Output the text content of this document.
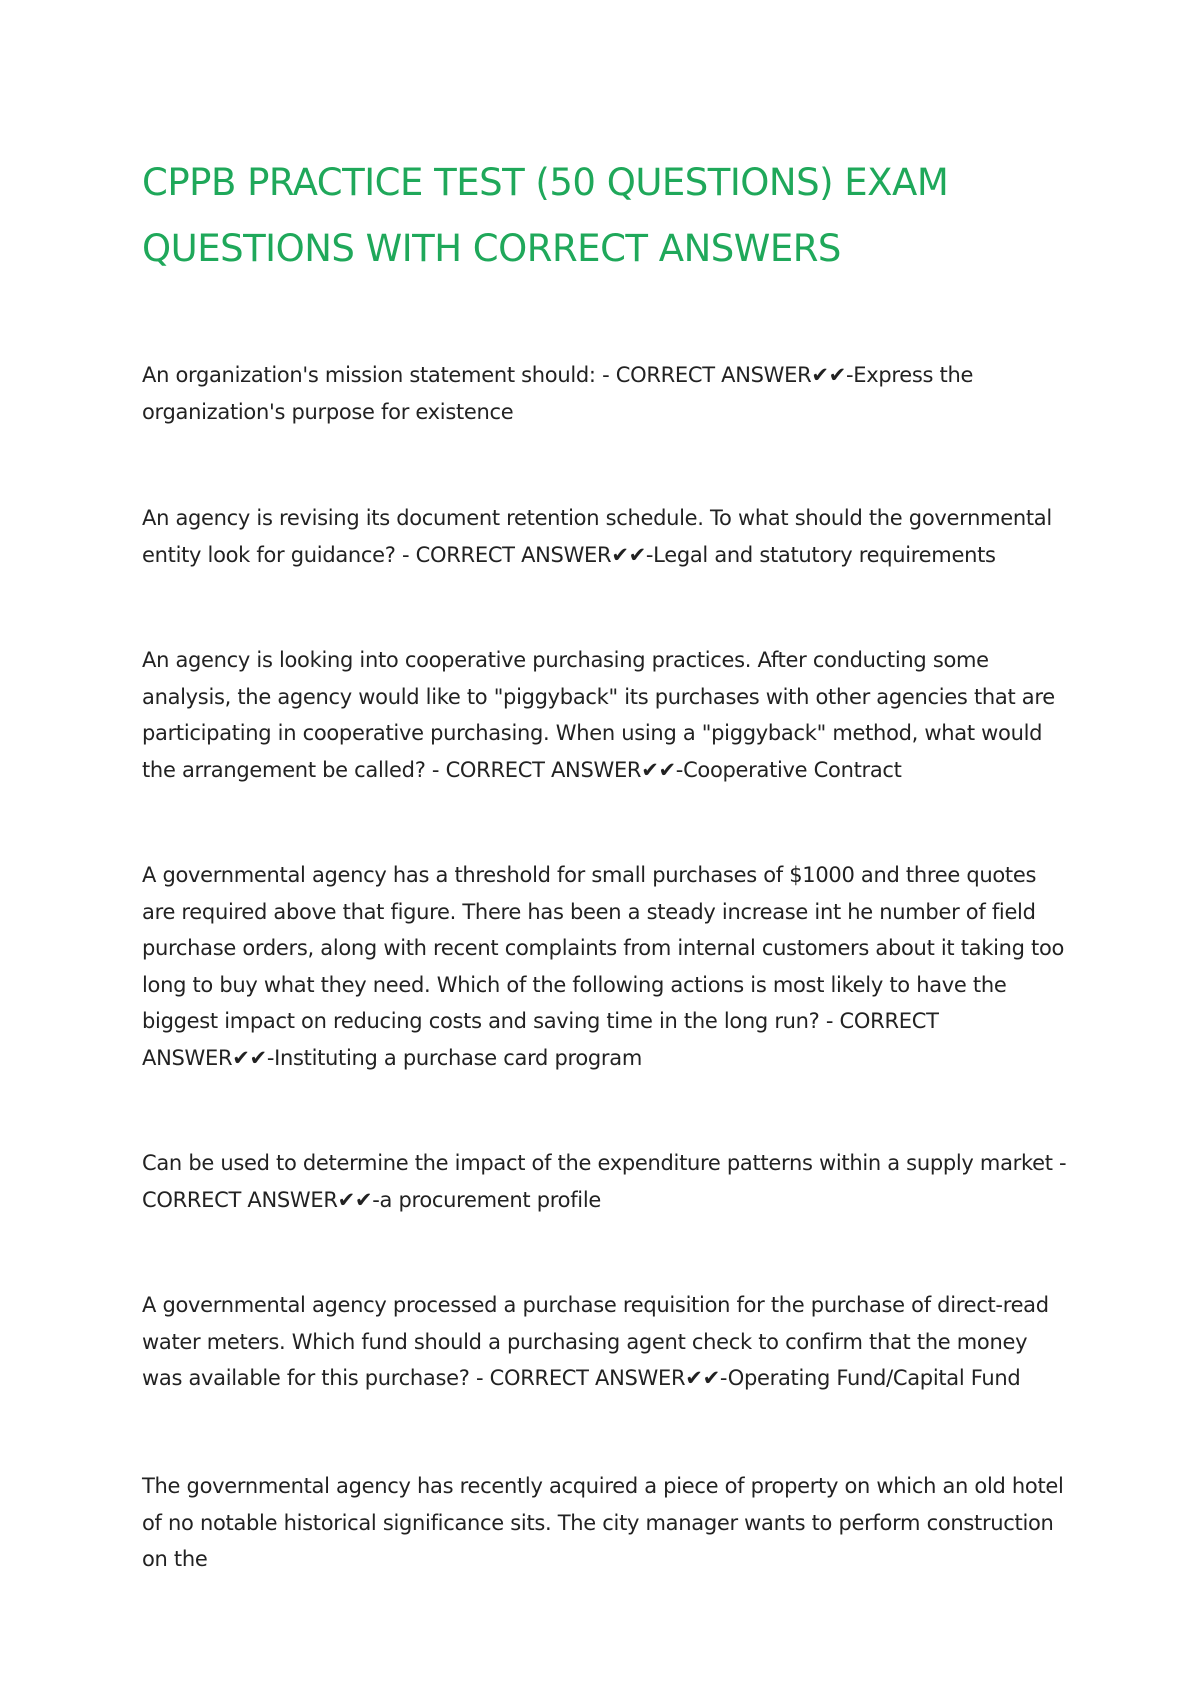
CPPB PRACTICE TEST (50 QUESTIONS) EXAM QUESTIONS WITH CORRECT ANSWERS

An organization's mission statement should: - CORRECT ANSWER✔✔-Express the organization's purpose for existence

An agency is revising its document retention schedule. To what should the governmental entity look for guidance? - CORRECT ANSWER✔✔-Legal and statutory requirements

An agency is looking into cooperative purchasing practices. After conducting some analysis, the agency would like to "piggyback" its purchases with other agencies that are participating in cooperative purchasing. When using a "piggyback" method, what would the arrangement be called? - CORRECT ANSWER✔✔-Cooperative Contract

A governmental agency has a threshold for small purchases of $1000 and three quotes are required above that figure. There has been a steady increase int he number of field purchase orders, along with recent complaints from internal customers about it taking too long to buy what they need. Which of the following actions is most likely to have the biggest impact on reducing costs and saving time in the long run? - CORRECT ANSWER✔✔-Instituting a purchase card program

Can be used to determine the impact of the expenditure patterns within a supply market - CORRECT ANSWER✔✔-a procurement profile

A governmental agency processed a purchase requisition for the purchase of direct-read water meters. Which fund should a purchasing agent check to confirm that the money was available for this purchase? - CORRECT ANSWER✔✔-Operating Fund/Capital Fund

The governmental agency has recently acquired a piece of property on which an old hotel of no notable historical significance sits. The city manager wants to perform construction on the
